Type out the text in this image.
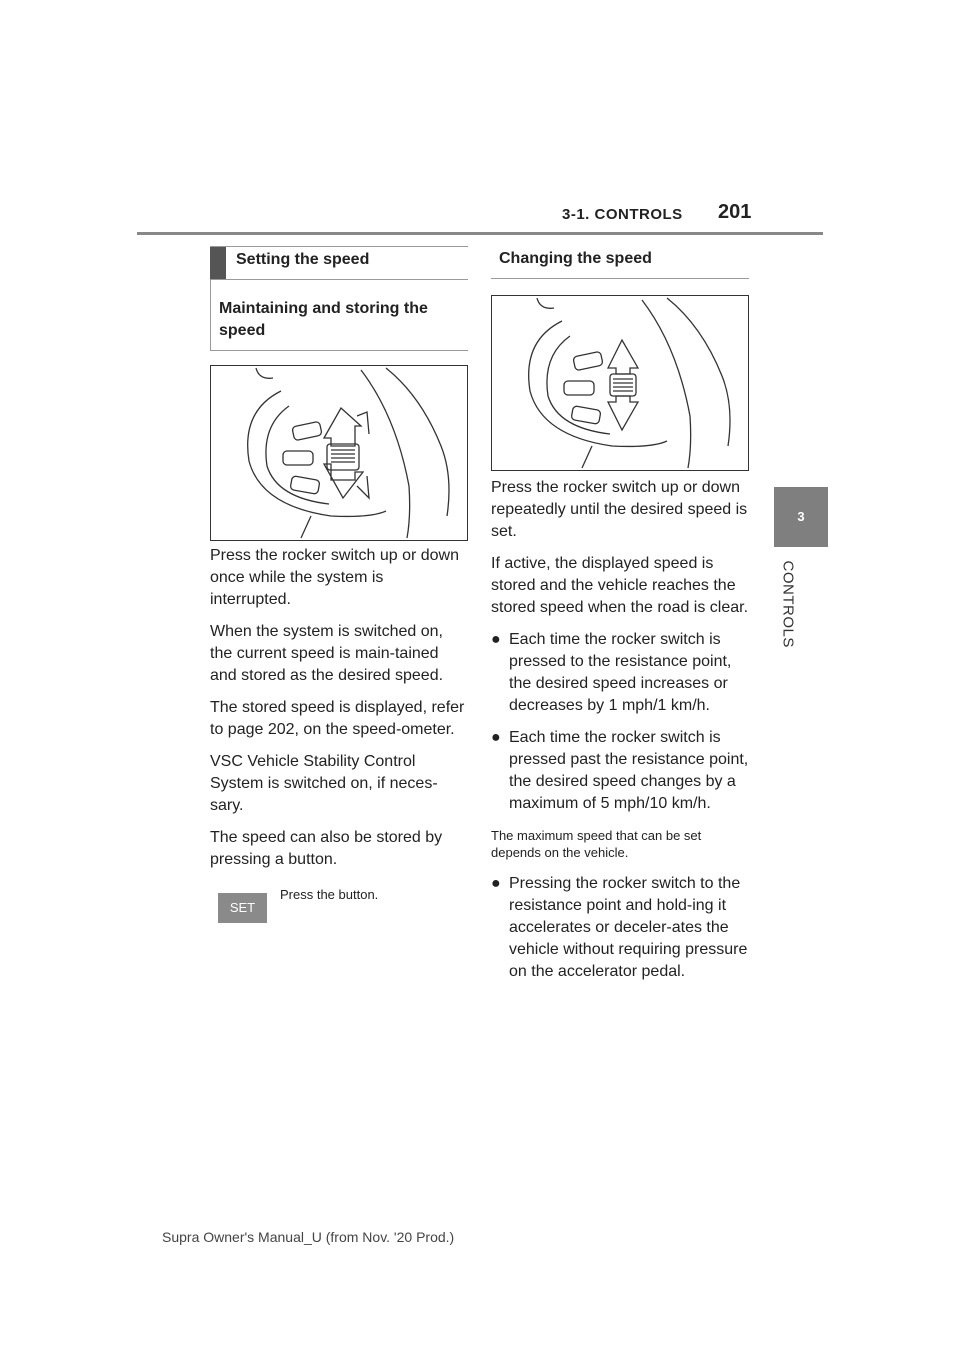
3-1. CONTROLS 201
3
CONTROLS
Setting the speed
Maintaining and storing the speed

Press the rocker switch up or down once while the system is interrupted.

When the system is switched on, the current speed is main-tained and stored as the desired speed.

The stored speed is displayed, refer to page 202, on the speed-ometer.

VSC Vehicle Stability Control System is switched on, if neces-sary.

The speed can also be stored by pressing a button.

SET
Press the button.
Changing the speed

Press the rocker switch up or down repeatedly until the desired speed is set.

If active, the displayed speed is stored and the vehicle reaches the stored speed when the road is clear.

● Each time the rocker switch is pressed to the resistance point, the desired speed increases or decreases by 1 mph/1 km/h.

● Each time the rocker switch is pressed past the resistance point, the desired speed changes by a maximum of 5 mph/10 km/h.

The maximum speed that can be set depends on the vehicle.

● Pressing the rocker switch to the resistance point and hold-ing it accelerates or deceler-ates the vehicle without requiring pressure on the accelerator pedal.

Supra Owner's Manual_U (from Nov. '20 Prod.)
